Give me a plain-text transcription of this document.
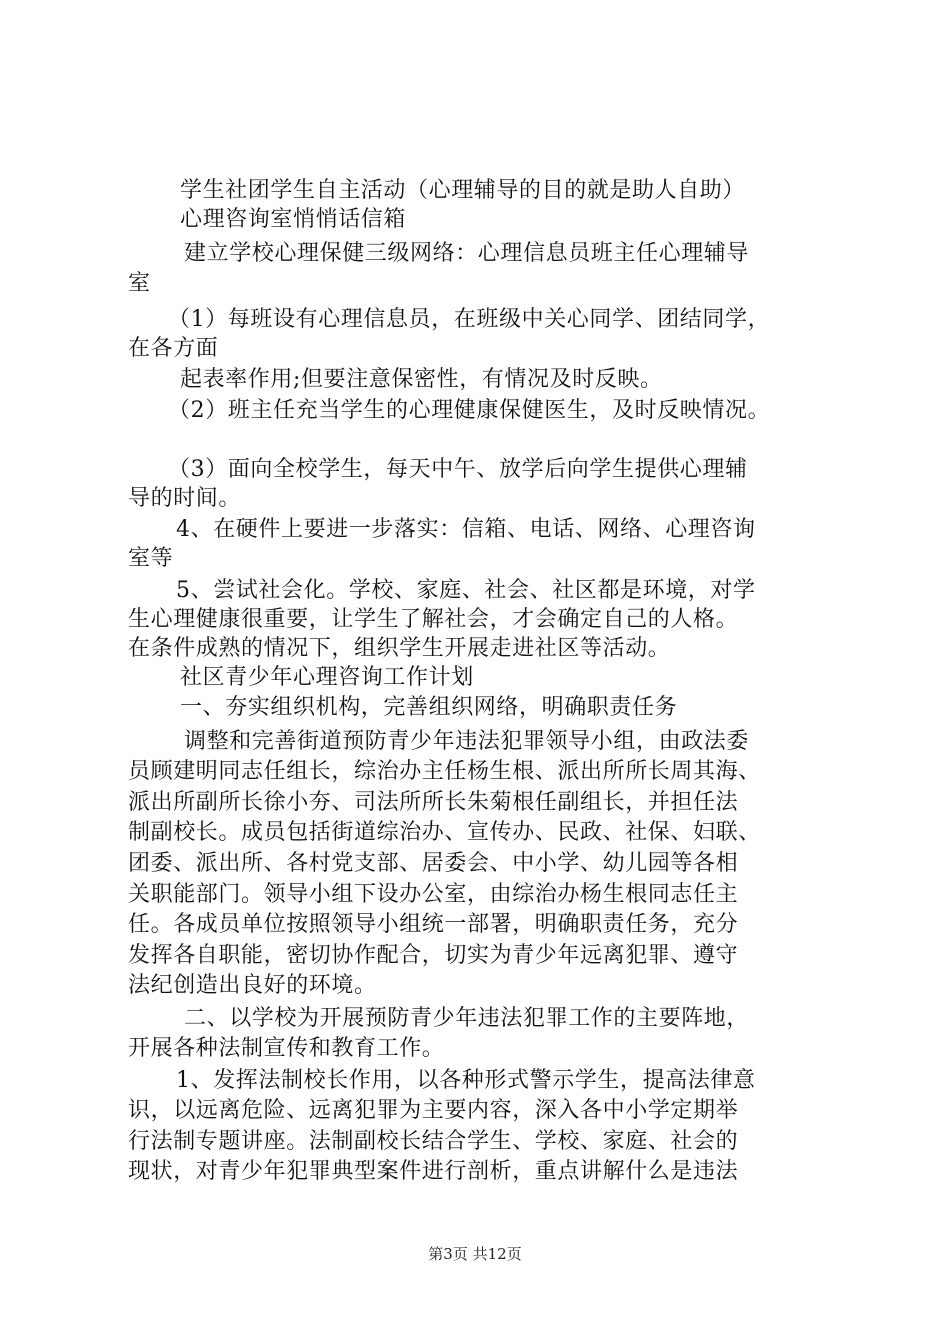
学生社团学生自主活动（心理辅导的目的就是助人自助）
心理咨询室悄悄话信箱
建立学校心理保健三级网络：心理信息员班主任心理辅导
室
（1）每班设有心理信息员，在班级中关心同学、团结同学，
在各方面
起表率作用;但要注意保密性，有情况及时反映。
（2）班主任充当学生的心理健康保健医生，及时反映情况。
（3）面向全校学生，每天中午、放学后向学生提供心理辅
导的时间。
4、在硬件上要进一步落实：信箱、电话、网络、心理咨询
室等
5、尝试社会化。学校、家庭、社会、社区都是环境，对学
生心理健康很重要，让学生了解社会，才会确定自己的人格。
在条件成熟的情况下，组织学生开展走进社区等活动。
社区青少年心理咨询工作计划
一、夯实组织机构，完善组织网络，明确职责任务
调整和完善街道预防青少年违法犯罪领导小组，由政法委
员顾建明同志任组长，综治办主任杨生根、派出所所长周其海、
派出所副所长徐小夯、司法所所长朱菊根任副组长，并担任法
制副校长。成员包括街道综治办、宣传办、民政、社保、妇联、
团委、派出所、各村党支部、居委会、中小学、幼儿园等各相
关职能部门。领导小组下设办公室，由综治办杨生根同志任主
任。各成员单位按照领导小组统一部署，明确职责任务，充分
发挥各自职能，密切协作配合，切实为青少年远离犯罪、遵守
法纪创造出良好的环境。
二、以学校为开展预防青少年违法犯罪工作的主要阵地，
开展各种法制宣传和教育工作。
1、发挥法制校长作用，以各种形式警示学生，提高法律意
识，以远离危险、远离犯罪为主要内容，深入各中小学定期举
行法制专题讲座。法制副校长结合学生、学校、家庭、社会的
现状，对青少年犯罪典型案件进行剖析，重点讲解什么是违法
第3页 共12页
